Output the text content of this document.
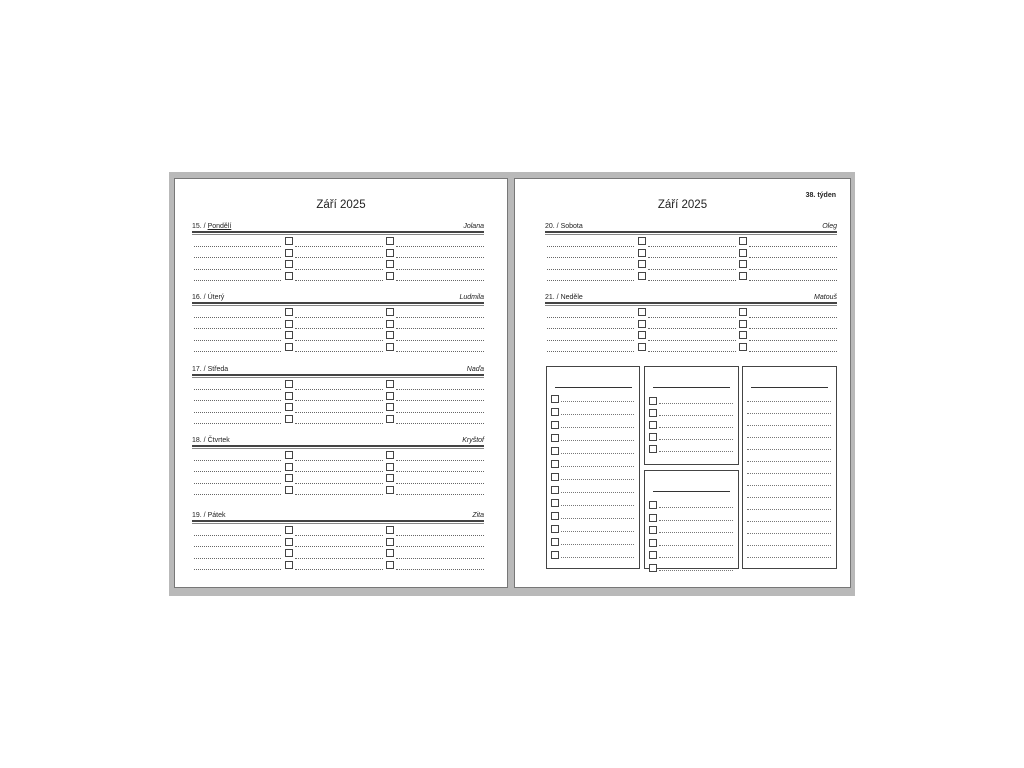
Září 2025
15. / Pondělí	Jolana
16. / Úterý	Ludmila
17. / Středa	Naďa
18. / Čtvrtek	Kryštof
19. / Pátek	Zita
38. týden
Září 2025
20. / Sobota	Oleg
21. / Neděle	Matouš
